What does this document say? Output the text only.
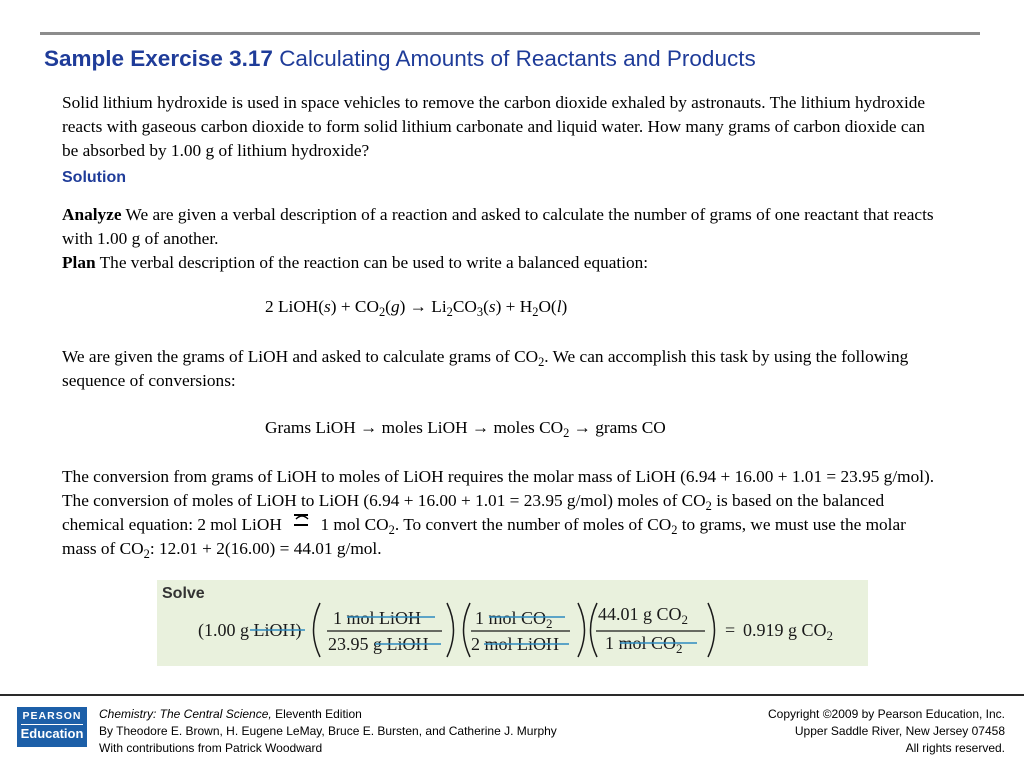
Sample Exercise 3.17 Calculating Amounts of Reactants and Products

Solid lithium hydroxide is used in space vehicles to remove the carbon dioxide exhaled by astronauts. The lithium hydroxide reacts with gaseous carbon dioxide to form solid lithium carbonate and liquid water. How many grams of carbon dioxide can be absorbed by 1.00 g of lithium hydroxide?

Solution

Analyze We are given a verbal description of a reaction and asked to calculate the number of grams of one reactant that reacts with 1.00 g of another.

Plan The verbal description of the reaction can be used to write a balanced equation:

2 LiOH(s) + $CO_2(g) \to Li_2CO_3(s) + H_2O(l)$

We are given the grams of LiOH and asked to calculate grams of $CO_2$. We can accomplish this task by using the following sequence of conversions:

Grams LiOH → moles LiOH → moles $CO_2$ → grams CO

The conversion from grams of LiOH to moles of LiOH requires the molar mass of LiOH (6.94 + 16.00 + 1.01 = 23.95 g/mol). The conversion of moles of LiOH to LiOH (6.94 + 16.00 + 1.01 = 23.95 g/mol) moles of $CO_2$ is based on the balanced chemical equation: 2 mol LiOH
1 mol $CO_2$. To convert the number of moles of $CO_2$ to grams, we must use the molar mass of $CO_2$: 12.01 + 2(16.00) = 44.01 g/mol.

Solve
(1.00 g LiOH)
1 mol LiOH
23.95 g LiOH
1 mol CO2
2 mol LiOH
44.01 g CO2
1 mol CO2
= 0.919 g CO2
PEARSON
Education
Chemistry: The Central Science, Eleventh Edition
By Theodore E. Brown, H. Eugene LeMay, Bruce E. Bursten, and Catherine J. Murphy
With contributions from Patrick Woodward
Copyright ©2009 by Pearson Education, Inc.
Upper Saddle River, New Jersey 07458
All rights reserved.
